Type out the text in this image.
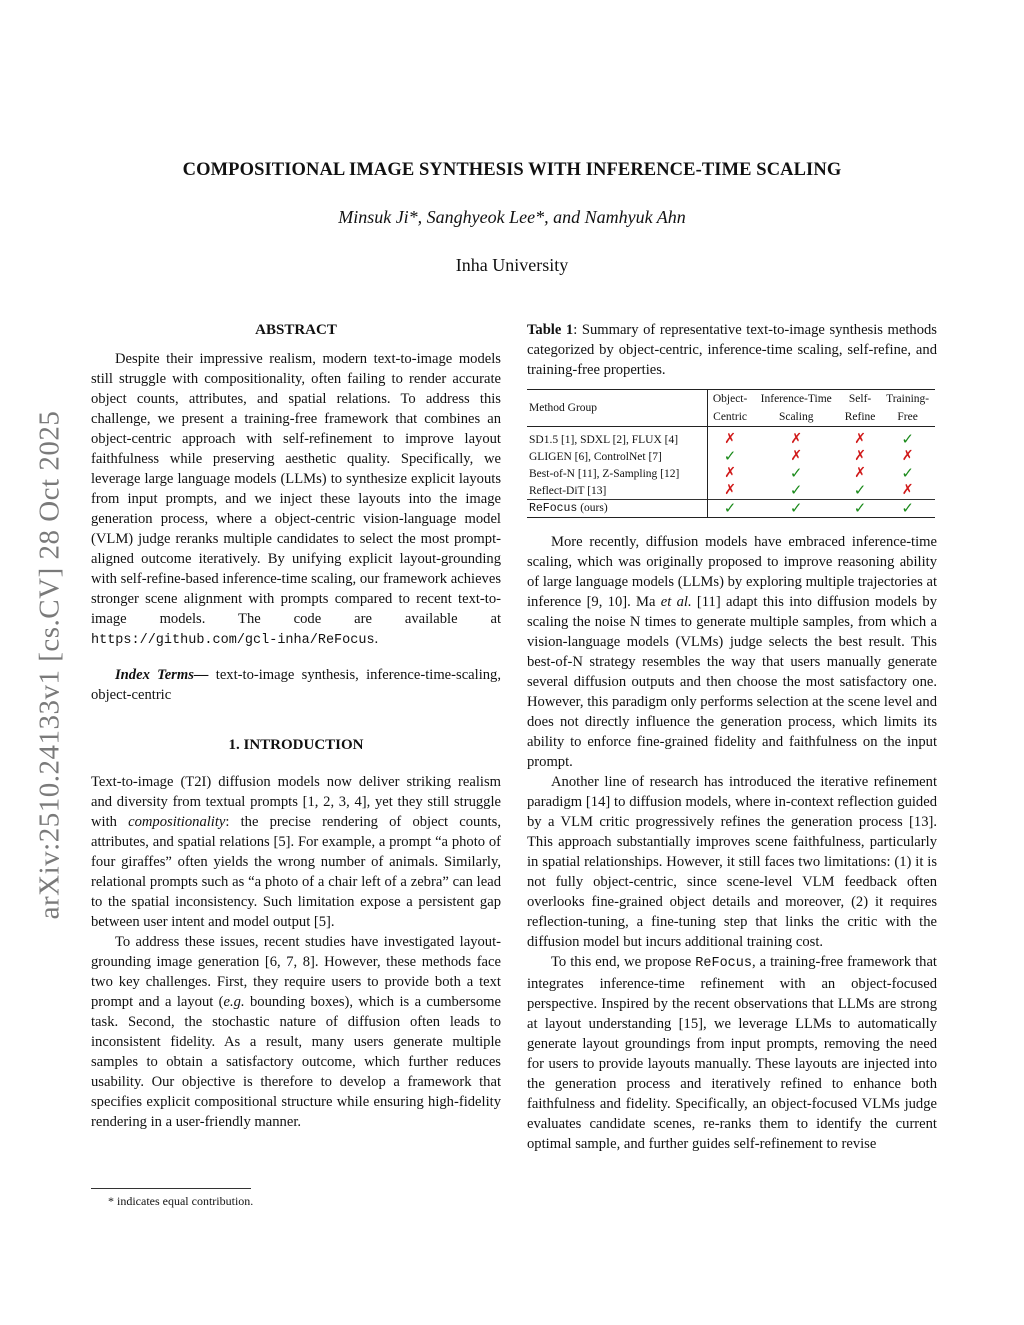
arXiv:2510.24133v1 [cs.CV] 28 Oct 2025
COMPOSITIONAL IMAGE SYNTHESIS WITH INFERENCE-TIME SCALING
Minsuk Ji*, Sanghyeok Lee*, and Namhyuk Ahn
Inha University
ABSTRACT

Despite their impressive realism, modern text-to-image models still struggle with compositionality, often failing to render accurate object counts, attributes, and spatial relations. To address this challenge, we present a training-free framework that combines an object-centric approach with self-refinement to improve layout faithfulness while preserving aesthetic quality. Specifically, we leverage large language models (LLMs) to synthesize explicit layouts from input prompts, and we inject these layouts into the image generation process, where a object-centric vision-language model (VLM) judge reranks multiple candidates to select the most prompt-aligned outcome iteratively. By unifying explicit layout-grounding with self-refine-based inference-time scaling, our framework achieves stronger scene alignment with prompts compared to recent text-to-image models. The code are available at https://github.com/gcl-inha/ReFocus.

Index Terms— text-to-image synthesis, inference-time-scaling, object-centric

1. INTRODUCTION

Text-to-image (T2I) diffusion models now deliver striking realism and diversity from textual prompts [1, 2, 3, 4], yet they still struggle with compositionality: the precise rendering of object counts, attributes, and spatial relations [5]. For example, a prompt “a photo of four giraffes” often yields the wrong number of animals. Similarly, relational prompts such as “a photo of a chair left of a zebra” can lead to the spatial inconsistency. Such limitation expose a persistent gap between user intent and model output [5].

To address these issues, recent studies have investigated layout-grounding image generation [6, 7, 8]. However, these methods face two key challenges. First, they require users to provide both a text prompt and a layout (e.g. bounding boxes), which is a cumbersome task. Second, the stochastic nature of diffusion often leads to inconsistent fidelity. As a result, many users generate multiple samples to obtain a satisfactory outcome, which further reduces usability. Our objective is therefore to develop a framework that specifies explicit compositional structure while ensuring high-fidelity rendering in a user-friendly manner.

* indicates equal contribution.

Table 1: Summary of representative text-to-image synthesis methods categorized by object-centric, inference-time scaling, self-refine, and training-free properties.

Method Group	Object-	Inference-Time	Self-	Training-
	Centric	Scaling	Refine	Free

SD1.5 [1], SDXL [2], FLUX [4]	✗	✗	✗	✓
GLIGEN [6], ControlNet [7]	✓	✗	✗	✗
Best-of-N [11], Z-Sampling [12]	✗	✓	✗	✓
Reflect-DiT [13]	✗	✓	✓	✗
ReFocus (ours)	✓	✓	✓	✓

More recently, diffusion models have embraced inference-time scaling, which was originally proposed to improve reasoning ability of large language models (LLMs) by exploring multiple trajectories at inference [9, 10]. Ma et al. [11] adapt this into diffusion models by scaling the noise N times to generate multiple samples, from which a vision-language models (VLMs) judge selects the best result. This best-of-N strategy resembles the way that users manually generate several diffusion outputs and then choose the most satisfactory one. However, this paradigm only performs selection at the scene level and does not directly influence the generation process, which limits its ability to enforce fine-grained fidelity and faithfulness on the input prompt.

Another line of research has introduced the iterative refinement paradigm [14] to diffusion models, where in-context reflection guided by a VLM critic progressively refines the generation process [13]. This approach substantially improves scene faithfulness, particularly in spatial relationships. However, it still faces two limitations: (1) it is not fully object-centric, since scene-level VLM feedback often overlooks fine-grained object details and moreover, (2) it requires reflection-tuning, a fine-tuning step that links the critic with the diffusion model but incurs additional training cost.

To this end, we propose ReFocus, a training-free framework that integrates inference-time refinement with an object-focused perspective. Inspired by the recent observations that LLMs are strong at layout understanding [15], we leverage LLMs to automatically generate layout groundings from input prompts, removing the need for users to provide layouts manually. These layouts are injected into the generation process and iteratively refined to enhance both faithfulness and fidelity. Specifically, an object-focused VLMs judge evaluates candidate scenes, re-ranks them to identify the current optimal sample, and further guides self-refinement to revise
